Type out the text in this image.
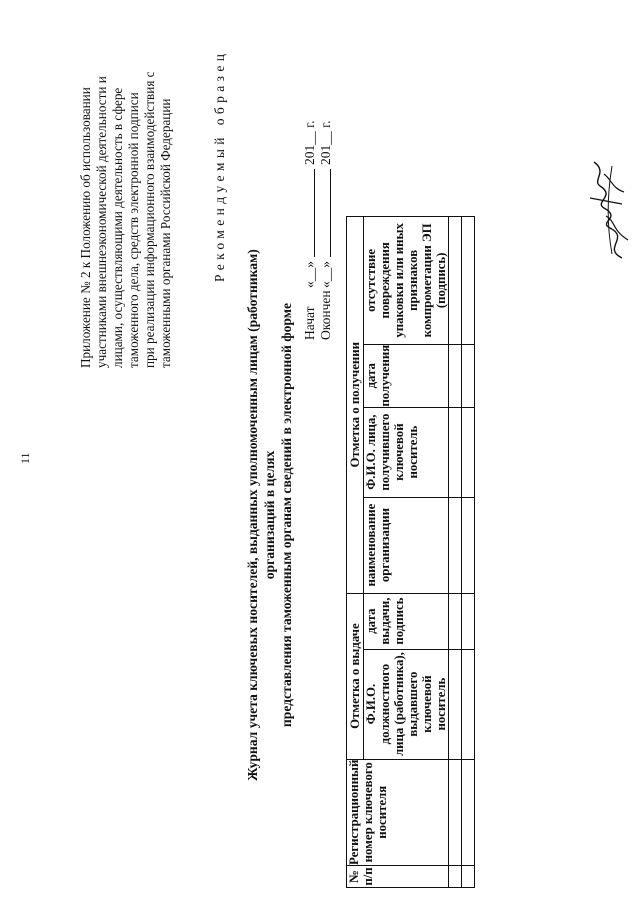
11
Приложение № 2 к Положению об использовании участниками внешнеэкономической деятельности и лицами, осуществляющими деятельность в сфере таможенного дела, средств электронной подписи при реализации информационного взаимодействия с таможенными органами Российской Федерации	Рекомендуемый образец
Журнал учета ключевых носителей, выданных уполномоченным лицам (работникам) организаций в целях представления таможенным органам сведений в электронной форме Начат
«
__
»
201__ г.
Окончен
«
__
»
201__ г.
№ п/п	Регистрационный номер ключевого носителя	Отметка о выдаче		Отметка о получении			
		Ф.И.О. должностного лица (работника), выдавшего ключевой носитель	дата выдачи, подпись	наименование организации	Ф.И.О. лица, получившего ключевой носитель	дата получения	отсутствие повреждения упаковки или иных признаков компрометации ЭП (подпись)
